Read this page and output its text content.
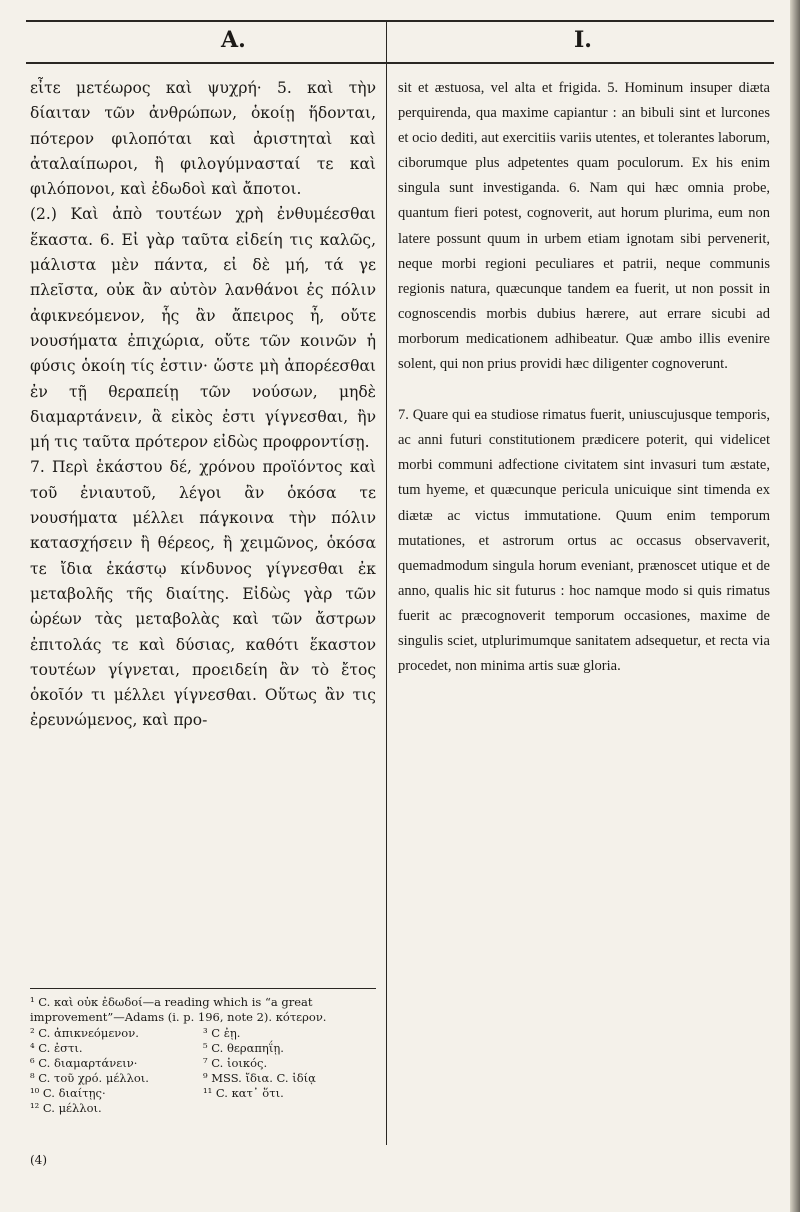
A.	I.

εἶτε μετέωρος καὶ ψυχρή· 5. καὶ τὴν δίαιταν τῶν ἀνθρώπων, ὁκοίῃ ἥδονται, πότερον φιλοπόται καὶ ἀριστηταὶ καὶ ἀταλαίπωροι, ἢ φιλογύμνασταί τε καὶ φιλόπονοι, καὶ ἐδωδοὶ καὶ ἄποτοι.

(2.) Καὶ ἀπὸ τουτέων χρὴ ἐνθυμέεσθαι ἕκαστα. 6. Εἰ γὰρ ταῦτα εἰδείη τις καλῶς, μάλιστα μὲν πάντα, εἰ δὲ μή, τά γε πλεῖστα, οὐκ ἂν αὐτὸν λανθάνοι ἐς πόλιν ἀφικνεόμενον, ἧς ἂν ἄπειρος ἦ, οὔτε νουσήματα ἐπιχώρια, οὔτε τῶν κοινῶν ἡ φύσις ὁκοίη τίς ἐστιν· ὥστε μὴ ἀπορέεσθαι ἐν τῇ θεραπείῃ τῶν νούσων, μηδὲ διαμαρτάνειν, ἃ εἰκὸς ἐστι γίγνεσθαι, ἢν μή τις ταῦτα πρότερον εἰδὼς προφροντίσῃ.

7. Περὶ ἑκάστου δέ, χρόνου προϊόντος καὶ τοῦ ἐνιαυτοῦ, λέγοι ἂν ὁκόσα τε νουσήματα μέλλει πάγκοινα τὴν πόλιν κατασχήσειν ἢ θέρεος, ἢ χειμῶνος, ὁκόσα τε ἴδια ἑκάστῳ κίνδυνος γίγνεσθαι ἐκ μεταβολῆς τῆς διαίτης. Εἰδὼς γὰρ τῶν ὡρέων τὰς μεταβολὰς καὶ τῶν ἄστρων ἐπιτολάς τε καὶ δύσιας, καθότι ἕκαστον τουτέων γίγνεται, προειδείη ἂν τὸ ἔτος ὁκοῖόν τι μέλλει γίγνεσθαι. Οὕτως ἂν τις ἐρευνώμενος, καὶ προ-

sit et æstuosa, vel alta et frigida. 5. Hominum insuper diæta perquirenda, qua maxime capiantur : an bibuli sint et lurcones et ocio dediti, aut exercitiis variis utentes, et tolerantes laborum, ciborumque plus adpetentes quam poculorum. Ex his enim singula sunt investiganda. 6. Nam qui hæc omnia probe, quantum fieri potest, cognoverit, aut horum plurima, eum non latere possunt quum in urbem etiam ignotam sibi pervenerit, neque morbi regioni peculiares et patrii, neque communis regionis natura, quæcunque tandem ea fuerit, ut non possit in cognoscendis morbis dubius hærere, aut errare sicubi ad morborum medicationem adhibeatur. Quæ ambo illis evenire solent, qui non prius providi hæc diligenter cognoverunt.

7. Quare qui ea studiose rimatus fuerit, uniuscujusque temporis, ac anni futuri constitutionem prædicere poterit, qui videlicet morbi communi adfectione civitatem sint invasuri tum æstate, tum hyeme, et quæcunque pericula unicuique sint timenda ex diætæ ac victus immutatione. Quum enim temporum mutationes, et astrorum ortus ac occasus observaverit, quemadmodum singula horum eveniant, prænoscet utique et de anno, qualis hic sit futurus : hoc namque modo si quis rimatus fuerit ac præcognoverit temporum occasiones, maxime de singulis sciet, utplurimumque sanitatem adsequetur, et recta via procedet, non minima artis suæ gloria.

¹ C. καὶ οὐκ ἐδωδοί—a reading which is “a great improvement”—Adams (i. p. 196, note 2). κότερον.

² C. ἀπικνεόμενον.	³ C ἐῃ.
⁴ C. ἐστι.	⁵ C. θεραπηΐῃ.
⁶ C. διαμαρτάνειν·	⁷ C. ἰοικός.
⁸ C. τοῦ χρό. μέλλοι.	⁹ MSS. ἴδια. C. ἰδίᾳ
¹⁰ C. διαίτῃς·	¹¹ C. κατ᾽ ὅτι.
¹² C. μέλλοι.
(4)
